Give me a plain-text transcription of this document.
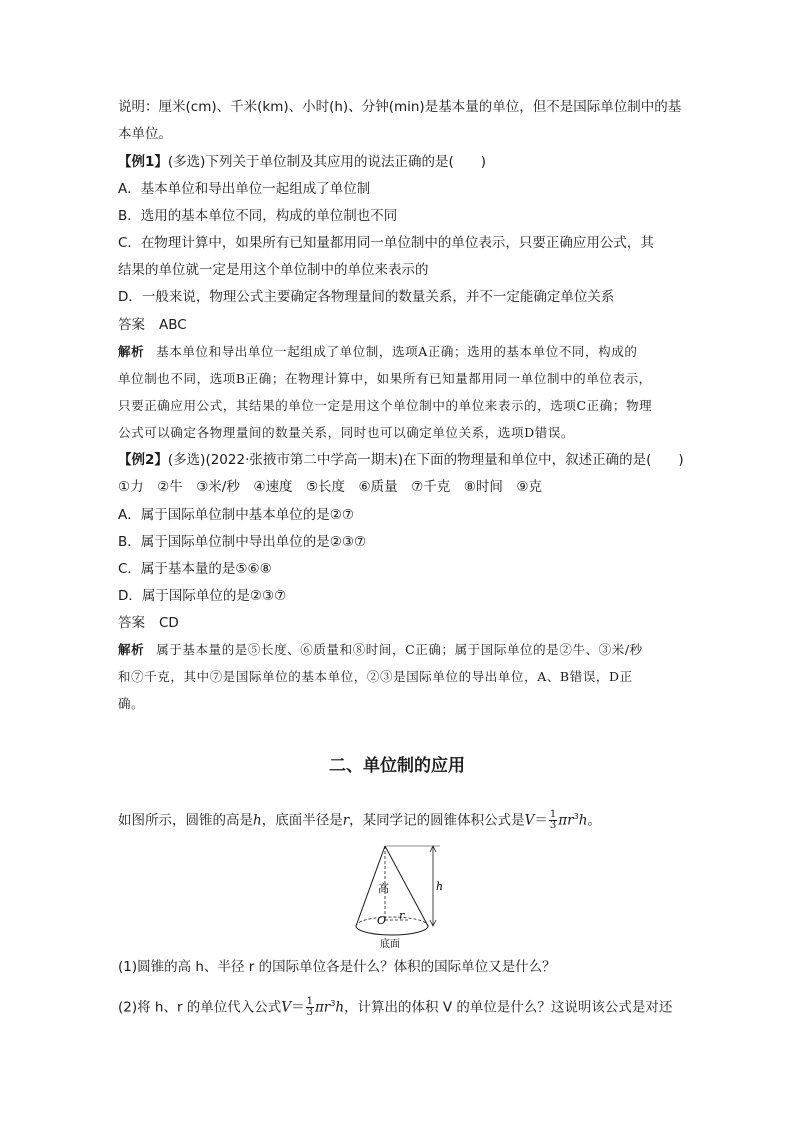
说明：厘米(cm)、千米(km)、小时(h)、分钟(min)是基本量的单位，但不是国际单位制中的基
本单位。
【例1】(多选)下列关于单位制及其应用的说法正确的是(　　)
A．基本单位和导出单位一起组成了单位制
B．选用的基本单位不同，构成的单位制也不同
C．在物理计算中，如果所有已知量都用同一单位制中的单位表示，只要正确应用公式，其
结果的单位就一定是用这个单位制中的单位来表示的
D．一般来说，物理公式主要确定各物理量间的数量关系，并不一定能确定单位关系
答案 ABC
解析 基本单位和导出单位一起组成了单位制，选项A正确；选用的基本单位不同，构成的
单位制也不同，选项B正确；在物理计算中，如果所有已知量都用同一单位制中的单位表示，
只要正确应用公式，其结果的单位一定是用这个单位制中的单位来表示的，选项C正确；物理
公式可以确定各物理量间的数量关系，同时也可以确定单位关系，选项D错误。
【例2】(多选)(2022·张掖市第二中学高一期末)在下面的物理量和单位中，叙述正确的是(　　)
①力　②牛　③米/秒　④速度　⑤长度　⑥质量　⑦千克　⑧时间　⑨克
A．属于国际单位制中基本单位的是②⑦
B．属于国际单位制中导出单位的是②③⑦
C．属于基本量的是⑤⑥⑧
D．属于国际单位的是②③⑦
答案 CD
解析 属于基本量的是⑤长度、⑥质量和⑧时间，C正确；属于国际单位的是②牛、③米/秒
和⑦千克，其中⑦是国际单位的基本单位，②③是国际单位的导出单位，A、B错误，D正
确。
二、单位制的应用
如图所示，圆锥的高是h，底面半径是r，某同学记的圆锥体积公式是$V= \frac{1}{3} \pi r^3h$。
高	h
O r
底面
(1)圆锥的高 h、半径 r 的国际单位各是什么？体积的国际单位又是什么？
(2)将 h、r 的单位代入公式$V= \frac{1}{3} \pi r^3h$，计算出的体积 V 的单位是什么？这说明该公式是对还
